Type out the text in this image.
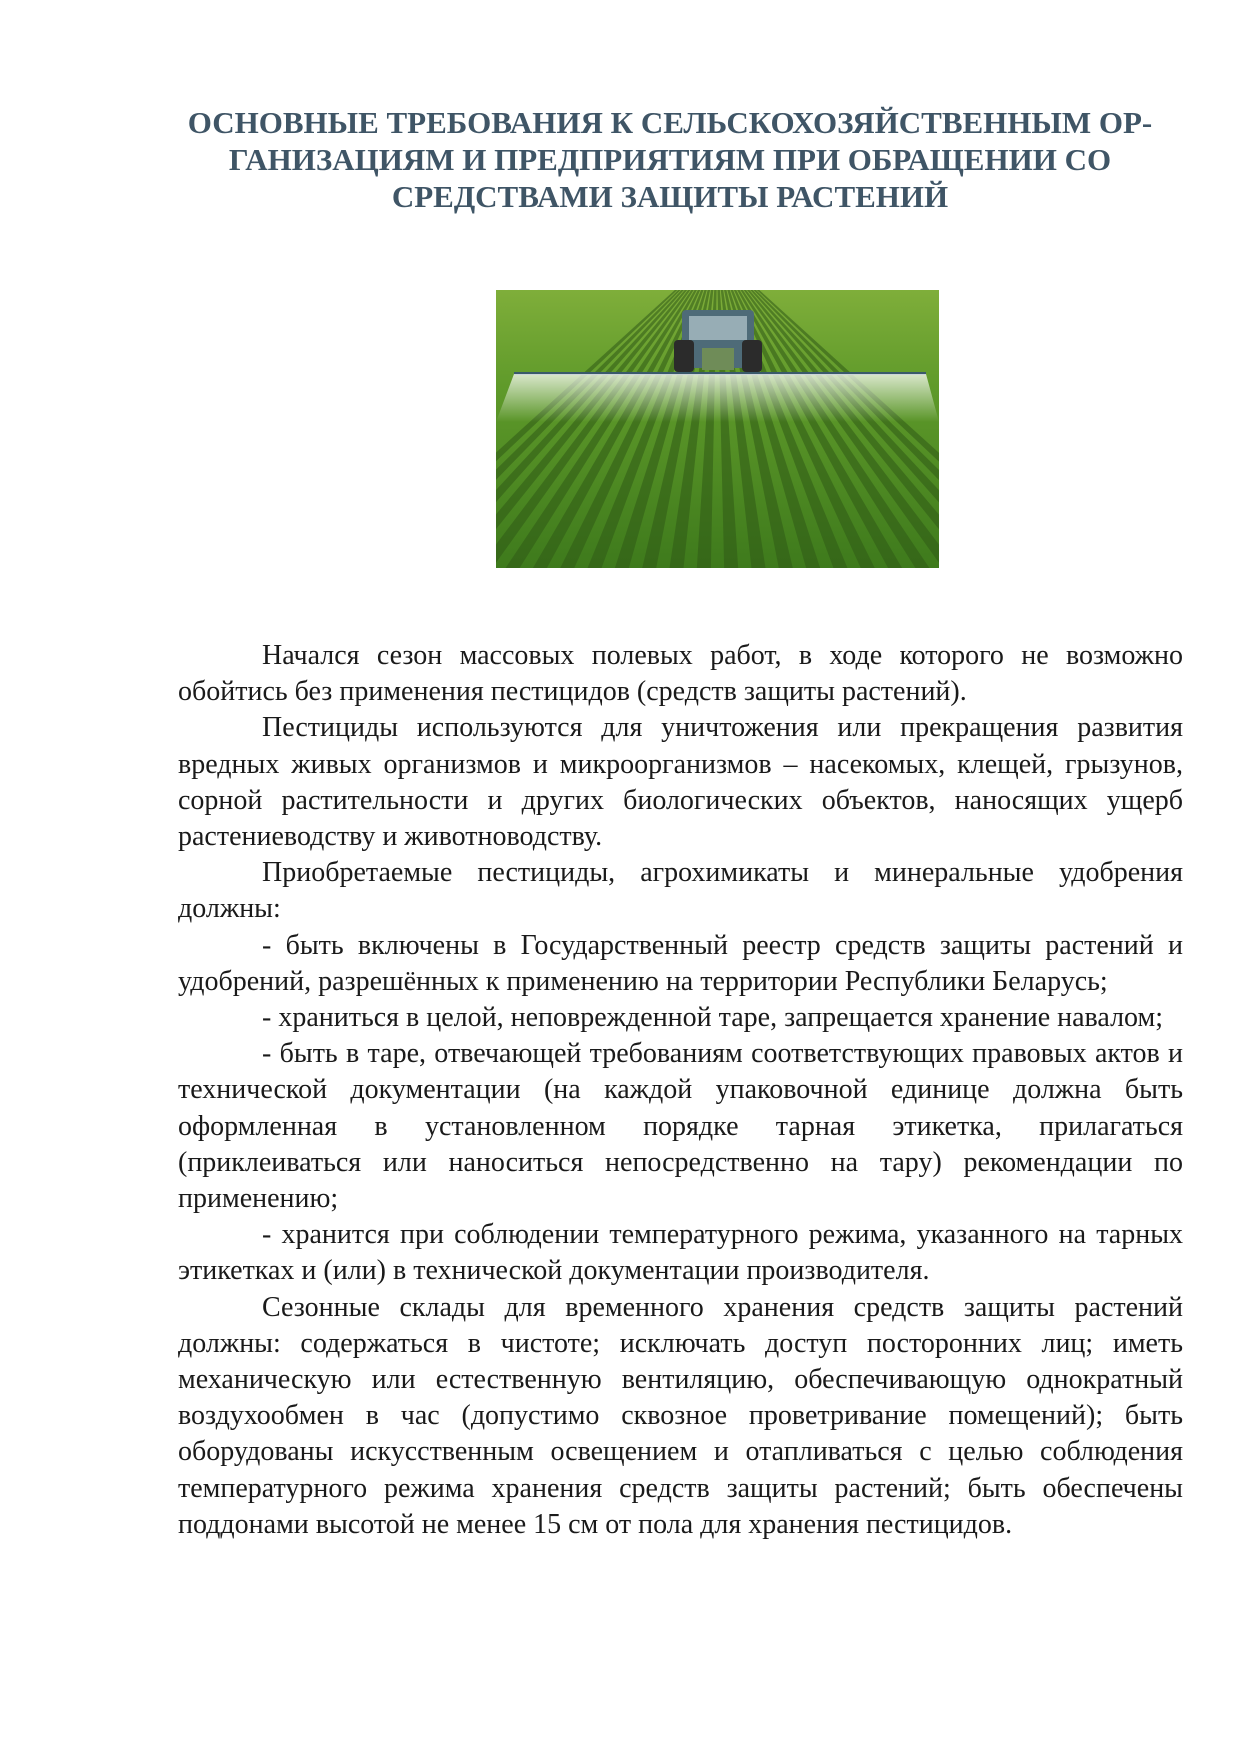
ОСНОВНЫЕ ТРЕБОВАНИЯ К СЕЛЬСКОХОЗЯЙСТВЕННЫМ ОР-
ГАНИЗАЦИЯМ И ПРЕДПРИЯТИЯМ ПРИ ОБРАЩЕНИИ СО
СРЕДСТВАМИ ЗАЩИТЫ РАСТЕНИЙ

Начался сезон массовых полевых работ, в ходе которого не возможно обойтись без применения пестицидов (средств защиты растений).

Пестициды используются для уничтожения или прекращения развития вредных живых организмов и микроорганизмов – насекомых, клещей, грызунов, сорной растительности и других биологических объектов, наносящих ущерб растениеводству и животноводству.

Приобретаемые пестициды, агрохимикаты и минеральные удобрения должны:

- быть включены в Государственный реестр средств защиты растений и удобрений, разрешённых к применению на территории Республики Беларусь;

- храниться в целой, неповрежденной таре, запрещается хранение навалом;

- быть в таре, отвечающей требованиям соответствующих правовых актов и технической документации (на каждой упаковочной единице должна быть оформленная в установленном порядке тарная этикетка, прилагаться (приклеиваться или наноситься непосредственно на тару) рекомендации по применению;

- хранится при соблюдении температурного режима, указанного на тарных этикетках и (или) в технической документации производителя.

Сезонные склады для временного хранения средств защиты растений должны: содержаться в чистоте; исключать доступ посторонних лиц; иметь механическую или естественную вентиляцию, обеспечивающую однократный воздухообмен в час (допустимо сквозное проветривание помещений); быть оборудованы искусственным освещением и отапливаться с целью соблюдения температурного режима хранения средств защиты растений; быть обеспечены поддонами высотой не менее 15 см от пола для хранения пестицидов.
